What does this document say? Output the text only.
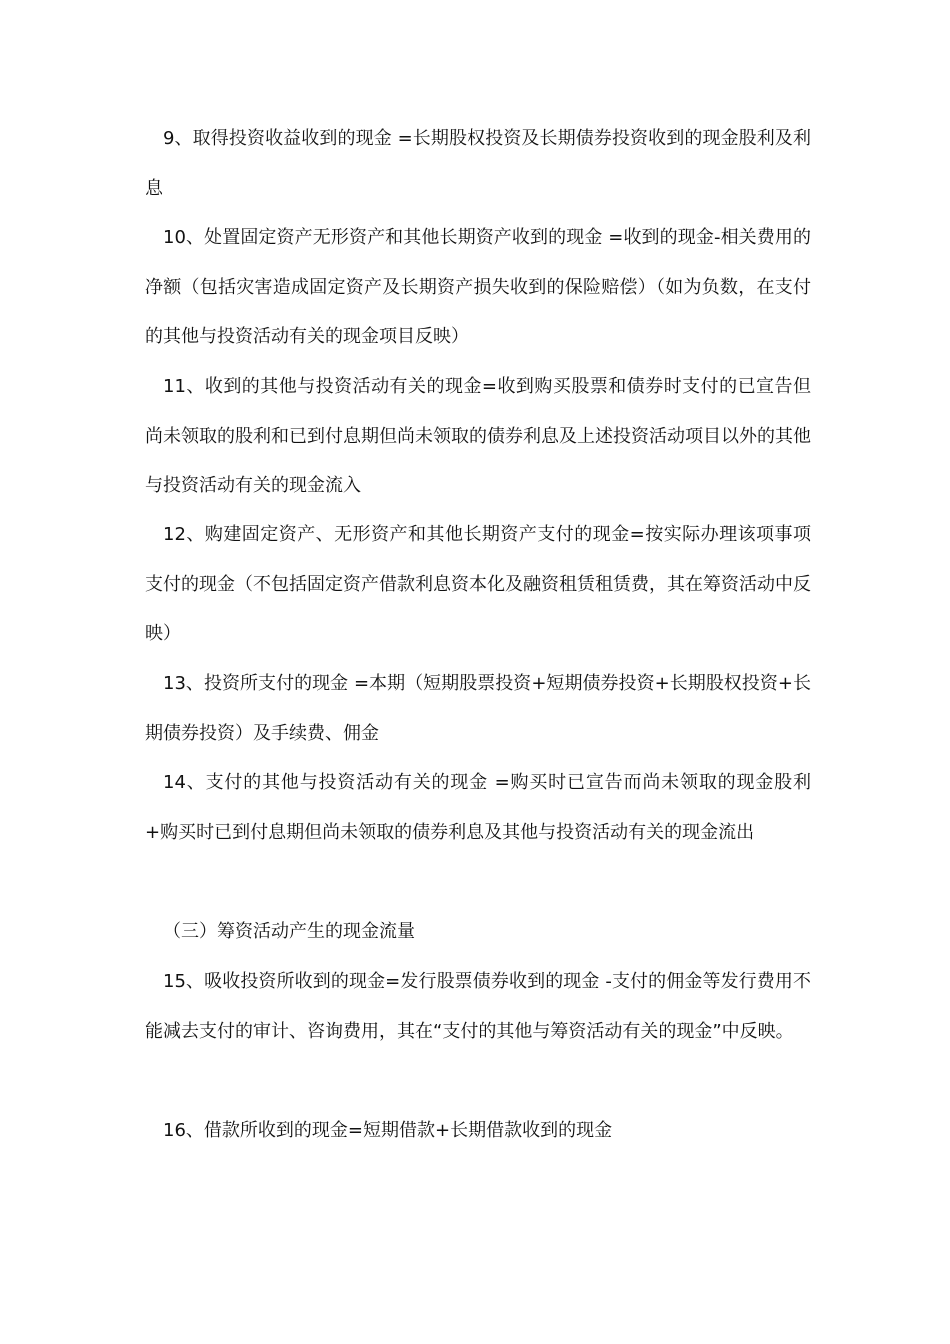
9、取得投资收益收到的现金 =长期股权投资及长期债券投资收到的现金股利及利息

10、处置固定资产无形资产和其他长期资产收到的现金 =收到的现金-相关费用的净额（包括灾害造成固定资产及长期资产损失收到的保险赔偿）（如为负数，在支付的其他与投资活动有关的现金项目反映）

11、收到的其他与投资活动有关的现金=收到购买股票和债券时支付的已宣告但尚未领取的股利和已到付息期但尚未领取的债券利息及上述投资活动项目以外的其他与投资活动有关的现金流入

12、购建固定资产、无形资产和其他长期资产支付的现金=按实际办理该项事项支付的现金（不包括固定资产借款利息资本化及融资租赁租赁费，其在筹资活动中反映）

13、投资所支付的现金 =本期（短期股票投资+短期债券投资+长期股权投资+长期债券投资）及手续费、佣金

14、支付的其他与投资活动有关的现金 =购买时已宣告而尚未领取的现金股利 +购买时已到付息期但尚未领取的债券利息及其他与投资活动有关的现金流出

（三）筹资活动产生的现金流量

15、吸收投资所收到的现金=发行股票债券收到的现金 -支付的佣金等发行费用不能减去支付的审计、咨询费用，其在“支付的其他与筹资活动有关的现金”中反映。

16、借款所收到的现金=短期借款+长期借款收到的现金
